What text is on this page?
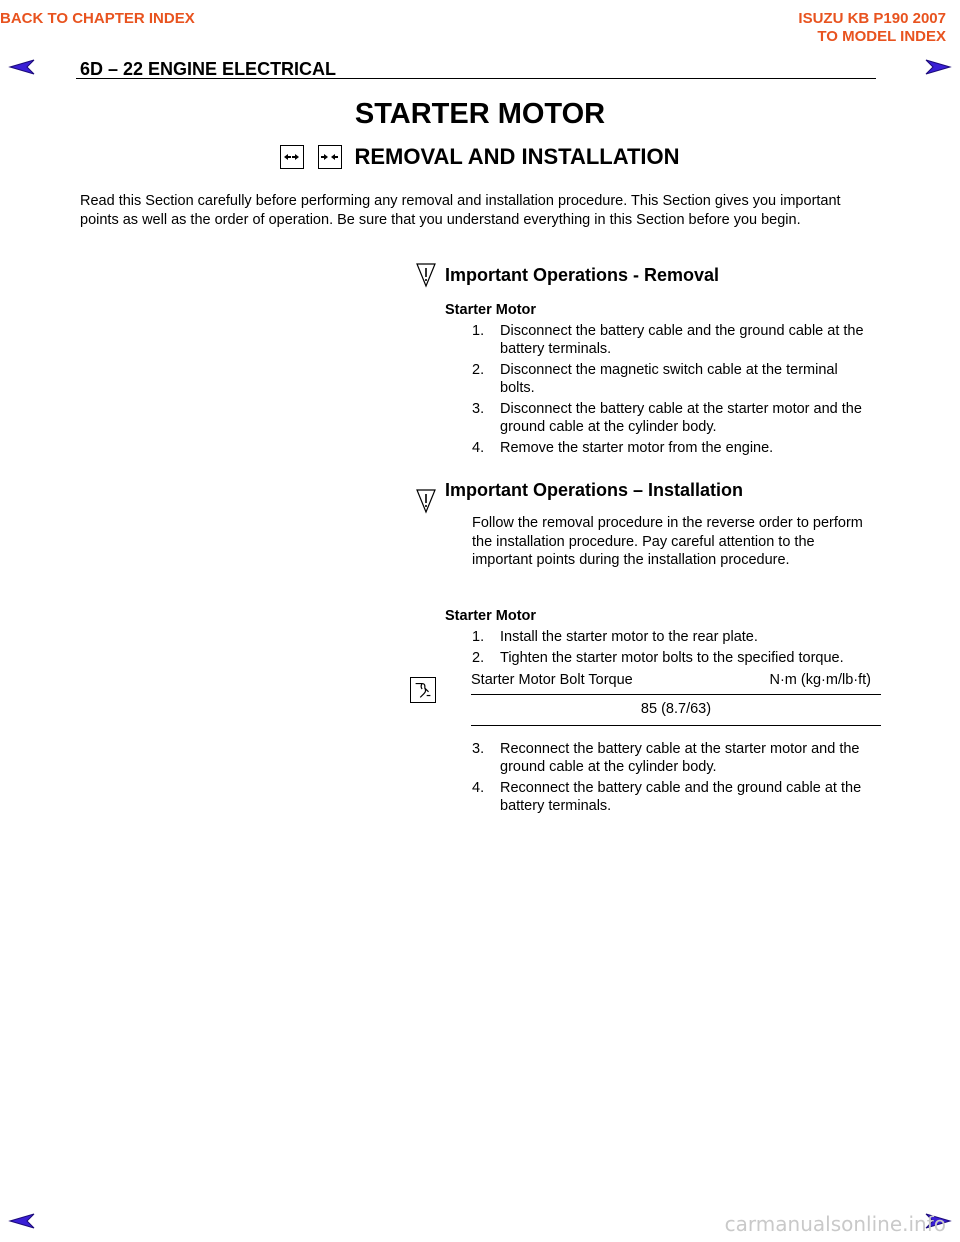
BACK TO CHAPTER INDEX	ISUZU KB P190 2007
TO MODEL INDEX
6D – 22 ENGINE ELECTRICAL
STARTER MOTOR
REMOVAL AND INSTALLATION
Read this Section carefully before performing any removal and installation procedure. This Section gives you important points as well as the order of operation. Be sure that you understand everything in this Section before you begin.
Important Operations - Removal
Starter Motor
1. Disconnect the battery cable and the ground cable at the battery terminals.
2. Disconnect the magnetic switch cable at the terminal bolts.
3. Disconnect the battery cable at the starter motor and the ground cable at the cylinder body.
4. Remove the starter motor from the engine.
Important Operations – Installation
Follow the removal procedure in the reverse order to perform the installation procedure. Pay careful attention to the important points during the installation procedure.
Starter Motor
1. Install the starter motor to the rear plate.
2. Tighten the starter motor bolts to the specified torque.
Starter Motor Bolt Torque	N·m (kg·m/lb·ft)
85 (8.7/63)
3. Reconnect the battery cable at the starter motor and the ground cable at the cylinder body.
4. Reconnect the battery cable and the ground cable at the battery terminals.
carmanualsonline.info
